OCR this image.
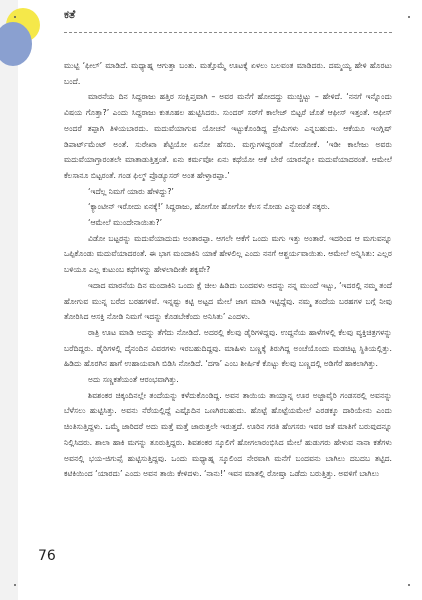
ಕತೆ

ಮುಟ್ಟಿ ‘ಫೀಲ್’ ಮಾಡಿದೆ. ಮಧ್ಯಾಹ್ನ ಆಗುತ್ತಾ ಬಂತು. ಮತ್ತೊಮ್ಮೆ ಊಟಕ್ಕೆ ಏಳಲು ಬಲವಂತ ಮಾಡಿದರು. ದಮ್ಮಯ್ಯ ಹೇಳಿ ಹೊರಟು ಬಂದೆ.

ಮಾರನೆಯ ದಿನ ಸಿದ್ದರಾಜು ಹತ್ತಿರ ಸಂಕ್ಷಿಪ್ತವಾಗಿ – ಅವರ ಮನೆಗೆ ಹೋದದ್ದು ಮುಚ್ಚಿಟ್ಟು – ಹೇಳಿದೆ. ‘ನನಗೆ ಇನ್ನೊಂದು ವಿಷಯ ಗೊತ್ತಾ?’ ಎಂದು ಸಿದ್ದರಾಜು ಕುತೂಹಲ ಹುಟ್ಟಿಸಿದರು. ಸುಂದರ್ ಸರ್‌ಗೆ ಕಾಲೇಜ್ ಬಿಟ್ಟರೆ ಜೊತೆ ಆಫೀಸ್ ಇತ್ತಂತೆ. ಆಫೀಸ್ ಅಂದರೆ ತಪ್ಪಾಗಿ ತಿಳಿಯಬಾರದು. ಮದುವೆಯಾಗುವ ಯೋಚನೆ ಇಟ್ಟುಕೊಂಡಿದ್ದ ಪ್ರೇಮಿಗಳು ಎನ್ನಬಹುದು. ಆಕೆಯೂ ಇಂಗ್ಲಿಷ್ ಡಿಪಾರ್ಟ್‌ಮೆಂಟ್ ಅಂತೆ. ಸುರೇಖಾ ಶೆಟ್ಟಿಯೋ ಏನೋ ಹೆಸರು. ಮಗ್ಗುಗಳಿದ್ದರಂತೆ ನೋಡೋಕೆ. ‘ಇಡೀ ಕಾಲೇಜು ಅವರು ಮದುವೆಯಾಗ್ತಾರಂತಲೇ ಮಾತಾಡುತ್ತಿತ್ತಂತೆ. ಏನು ಕರ್ಮವೋ ಏನು ಕಥೆಯೋ ಆಕೆ ಬೇರೆ ಯಾರನ್ನೋ ಮದುವೆಯಾದರಂತೆ. ಆಮೇಲೆ ಕೆಲಸಾನೂ ಬಿಟ್ಟರಂತೆ. ಗಂಡ ಫಿಲ್ಮ್ ಪ್ರೊಡ್ಯೂಸರ್ ಅಂತ ಹೇಳ್ತಾರಪ್ಪಾ.’

‘ಇದೆಲ್ಲ ನಿಮಗೆ ಯಾರು ಹೇಳಿದ್ದು?’

‘ಕ್ಯಾಂಟೀನ್ ಇರೋದು ಏನಕ್ಕೆ!’ ಸಿದ್ದರಾಜು, ಹೋಗೋ ಹೋಗೋ ಕೆಲಸ ನೋಡು ಎನ್ನುವಂತೆ ನಕ್ಕರು.

‘ಆಮೇಲೆ ಮುಂದೇನಾಯಿತು?’

ವಿಡೋ ಬಟ್ಟರನ್ನು ಮದುವೆಯಾದುದು ಅಂತಾರಪ್ಪಾ. ಆಗಲೇ ಆಕೆಗೆ ಒಂದು ಮಗು ಇತ್ತು ಅಂತಾರೆ. ಇದರಿಂದ ಆ ಮಗುವನ್ನೂ ಒಪ್ಪಿಕೊಂಡು ಮದುವೆಯಾದರಂತೆ. ಈ ಭಾಗ ಮಂದಾಕಿನಿ ಯಾಕೆ ಹೇಳಲಿಲ್ಲ ಎಂದು ನನಗೆ ಆಶ್ಚರ್ಯವಾಯಿತು. ಆಮೇಲೆ ಅನ್ನಿಸಿತು: ಎಲ್ಲರ ಬಳಿಯೂ ಎಲ್ಲ ಕುಟುಂಬ ಕಥೆಗಳನ್ನು ಹೇಳಲಾದೀತೇ ಶಕ್ಯವೇ?

ಇದಾದ ಮಾರನೆಯ ದಿನ ಮಂದಾಕಿನಿ ಒಂದು ಕ್ಷೆ ಚೀಲ ಹಿಡಿದು ಬಂದವಳು ಅದನ್ನು ನನ್ನ ಮುಂದೆ ಇಟ್ಟು, ‘ಇದರಲ್ಲಿ ನಮ್ಮ ತಂದೆ ಹೋಗುವ ಮುನ್ನ ಬರೆದ ಬರಹಗಳಿವೆ. ಇನ್ನಷ್ಟು ಕಟ್ಟಿ ಅಟ್ಟದ ಮೇಲೆ ಜಾಗ ಮಾಡಿ ಇಟ್ಟಿದ್ದೆವು. ನಮ್ಮ ತಂದೆಯ ಬರಹಗಳ ಬಗ್ಗೆ ನೀವು ತೋರಿಸಿದ ಆಸಕ್ತಿ ನೋಡಿ ನಿಮಗೆ ಇದನ್ನು ಕೊಡಬೇಕೆಂದು ಅನಿಸಿತು’ ಎಂದಳು.

ರಾತ್ರಿ ಊಟ ಮಾಡಿ ಅದನ್ನು ತೆಗೆದು ನೋಡಿದೆ. ಅದರಲ್ಲಿ ಕೆಲವು ಡೈರಿಗಳಿದ್ದವು. ಉದ್ದನೆಯ ಹಾಳೆಗಳಲ್ಲಿ ಕೆಲವು ವ್ಯಕ್ತಿಚಿತ್ರಗಳನ್ನು ಬರೆದಿದ್ದರು. ಡೈರಿಗಳಲ್ಲಿ ದೈನಂದಿನ ವಿವರಗಳು ಇರಬಹುದಿದ್ದವು. ಮಾಹಿಳು ಬಣ್ಣಕ್ಕೆ ತಿರುಗಿದ್ದ ಅಂಚೆಯೊಂದು ಮಡಚಿಟ್ಟ ಸ್ಥಿತಿಯಲ್ಲಿತ್ತು. ಹಿಡಿದು ಹೊರಗಿನ ಹಾಗೆ ಉಹಾಯವಾಗಿ ಬಿಡಿಸಿ ನೋಡಿದೆ. ‘ದಗಾ’ ಎಂಬ ಶೀರ್ಷಿಕೆ ಕೊಟ್ಟು ಕೆಲವು ಬಣ್ಣದಲ್ಲಿ ಅಡಿಗೆರೆ ಹಾಕಲಾಗಿತ್ತು.

ಅದು ಸಣ್ಣಕತೆಯಂತೆ ಆರಂಭವಾಗಿತ್ತು.

ಶಿವಶಂಕರ ಚಿಕ್ಕಂದಿನಲ್ಲೇ ತಂದೆಯನ್ನು ಕಳೆದುಕೊಂಡಿದ್ದ. ಅವನ ತಾಯಿಯ ತಾಯ್ತಾನ್ನ ಊರ ಅಜ್ಜಾವೈರಿ ಗಂಡಸರಲ್ಲಿ ಅವನನ್ನು ಬೆಳೆಸಲು ಹುಟ್ಟಿಸಿತ್ತು. ಅವನು ನೆರೆಯಲ್ಲಿದ್ದೆ ಎಷ್ಟೊದಿನ ಒಣಗಿರಬಹುದು. ಹೊಟ್ಟೆ ಹೊಟ್ಟೆಯಮೇಲೆ ಎರಡಕ್ಕೂ ದಾರಿಯೇನು ಎಂದು ಚಿಂತಿಸುತ್ತಿದ್ದಳು. ಒಮ್ಮೆ ಜಾರಿದರೆ ಅದು ಮತ್ತೆ ಮತ್ತೆ ಜಾರುತ್ತಲೇ ಇರುತ್ತದೆ. ಊರಿನ ಗರತಿ ಹೆಂಗಸರು ಇವರ ಜತೆ ಮಾತಿಗೆ ಬರುವುದನ್ನೂ ನಿಲ್ಲಿಸಿದರು. ಶಾಲಾ ಹಾಕಿ ಮಗನ್ನು ತೂರುತ್ತಿದ್ದರು. ಶಿವಶಂಕರ ಸ್ಕೂಲಿಗೆ ಹೋಗಲಾರಂಭಿಸಿದ ಮೇಲೆ ಹುಡುಗರು ಹೇಳುವ ನಾನಾ ಕತೆಗಳು ಅವನಲ್ಲಿ ಭಯ-ಜಿಗುಪ್ಸೆ ಹುಟ್ಟಿಸುತ್ತಿದ್ದವು. ಒಂದು ಮಧ್ಯಾಹ್ನ ಸ್ಕೂಲಿಂದ ನೇರವಾಗಿ ಮನೆಗೆ ಬಂದವನು ಬಾಗಿಲು ದಬದಬ ತಟ್ಟಿದ. ಕಟಿಕಿಯಿಂದ ‘ಯಾರದು’ ಎಂದು ಅವನ ತಾಯಿ ಕೇಳಿದಳು. ‘ನಾನು!’ ಇವನ ಮಾತಲ್ಲಿ ರೋಷ್ತಾ ಒಡೆದು ಬರುತ್ತಿತ್ತು. ಅವಳಿಗೆ ಬಾಗಿಲು

76
